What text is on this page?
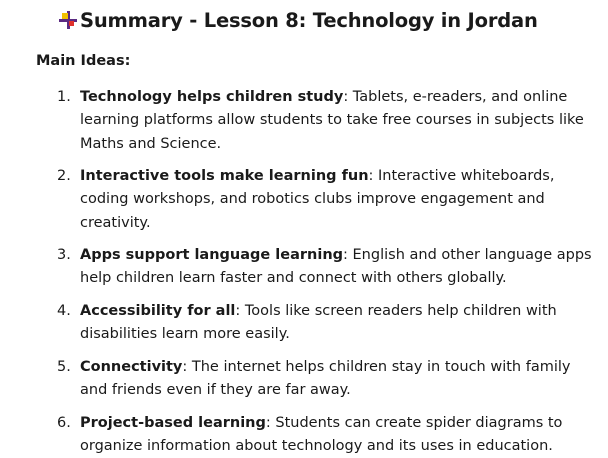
Summary - Lesson 8: Technology in Jordan
Main Ideas:
1. Technology helps children study: Tablets, e-readers, and online learning platforms allow students to take free courses in subjects like Maths and Science.
2. Interactive tools make learning fun: Interactive whiteboards, coding workshops, and robotics clubs improve engagement and creativity.
3. Apps support language learning: English and other language apps help children learn faster and connect with others globally.
4. Accessibility for all: Tools like screen readers help children with disabilities learn more easily.
5. Connectivity: The internet helps children stay in touch with family and friends even if they are far away.
6. Project-based learning: Students can create spider diagrams to organize information about technology and its uses in education.
